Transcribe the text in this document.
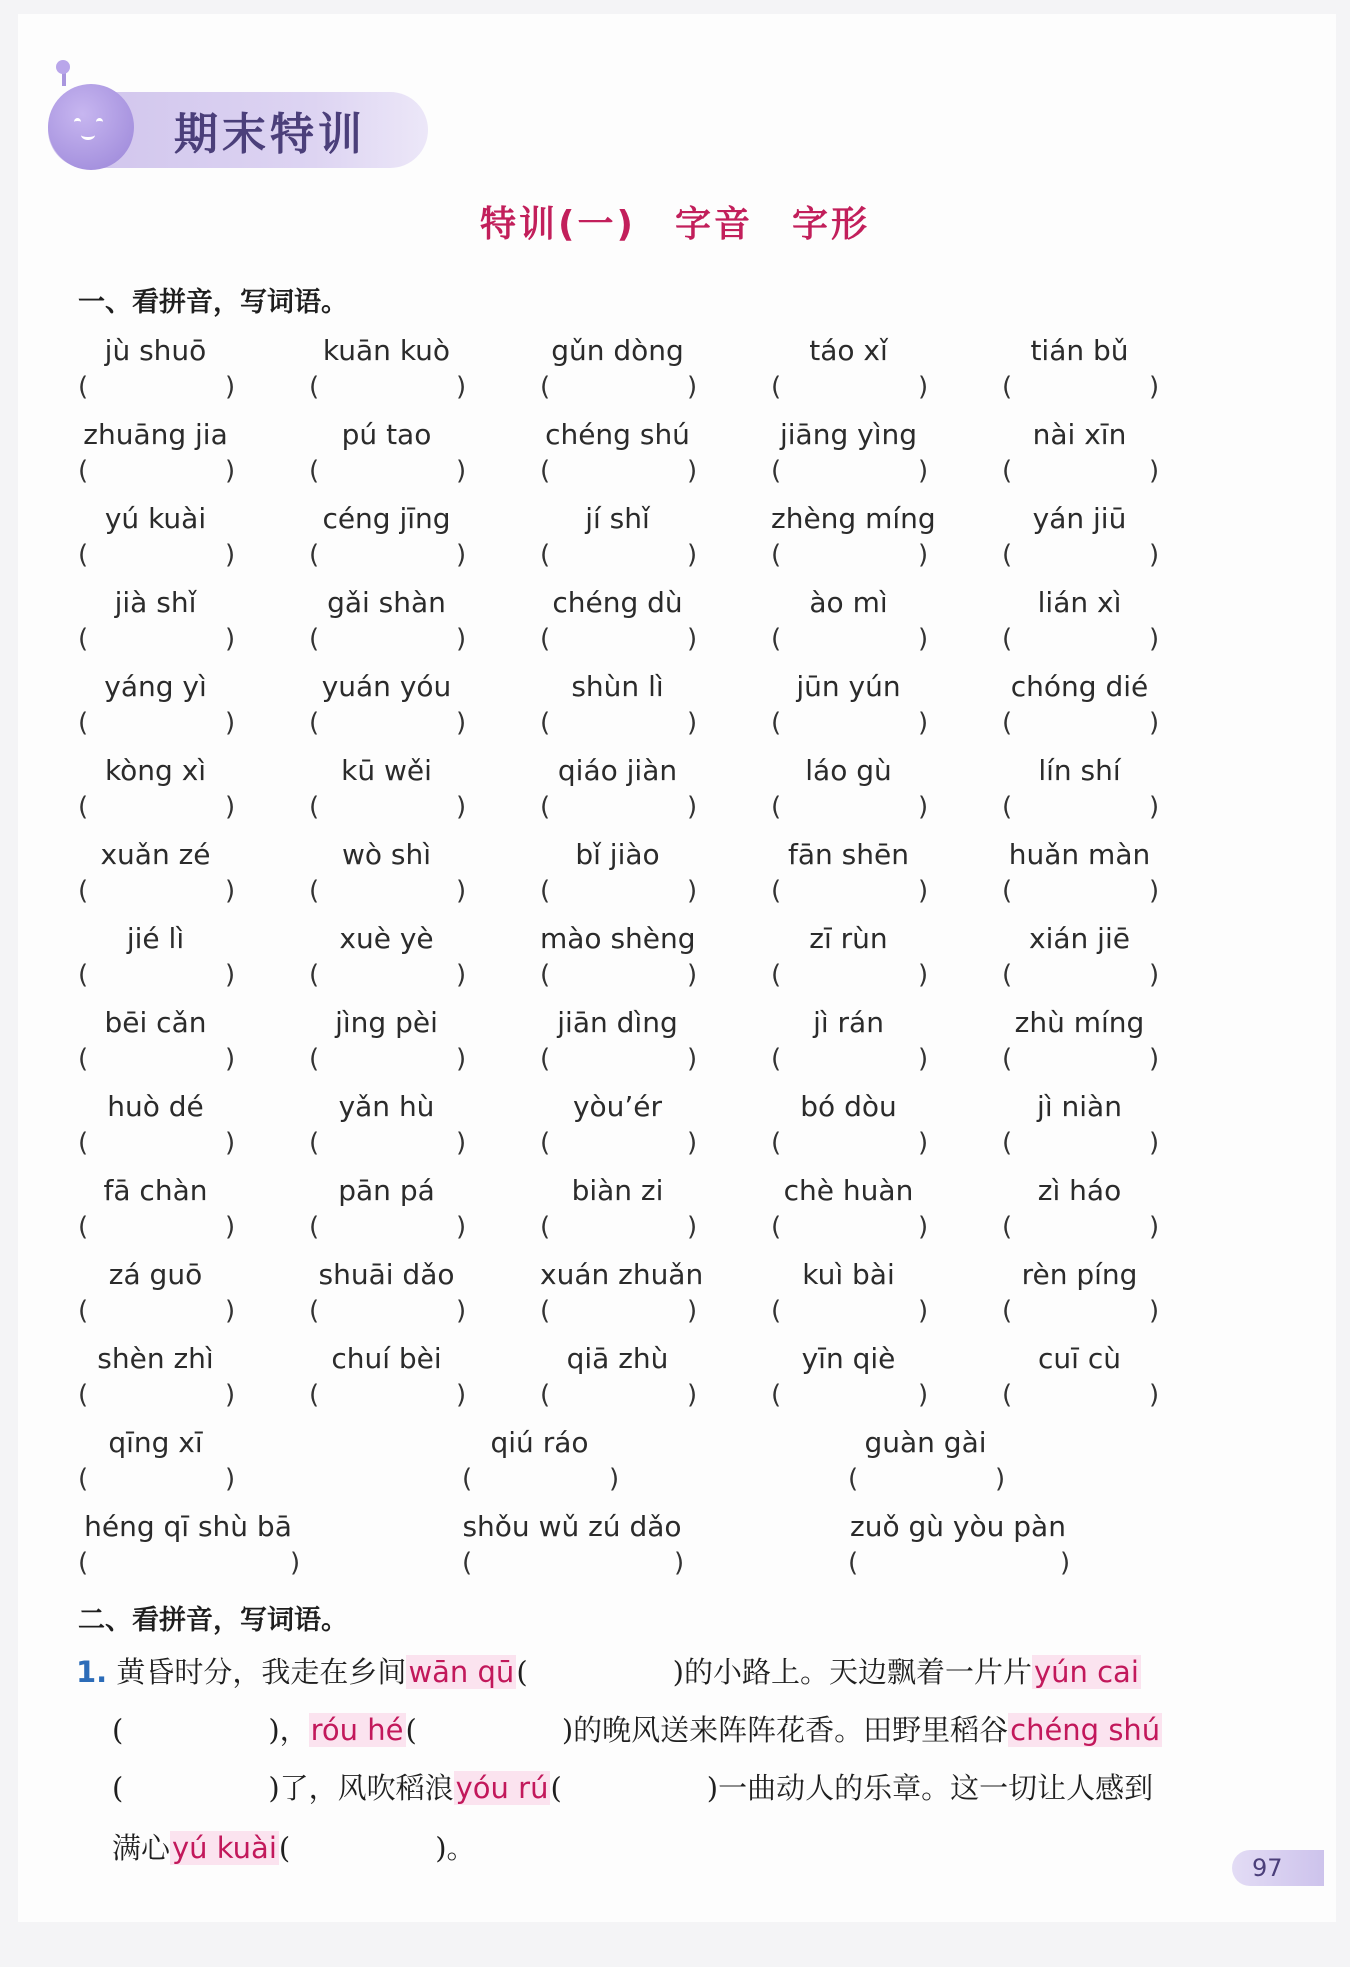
期末特训
特训(一)　字音　字形
一、看拼音，写词语。
jù shuō
(	)
kuān kuò
(	)
gǔn dòng
(	)
táo xǐ
(	)
tián bǔ
(	)
zhuāng jia
(	)
pú tao
(	)
chéng shú
(	)
jiāng yìng
(	)
nài xīn
(	)
yú kuài
(	)
céng jīng
(	)
jí shǐ
(	)
zhèng míng
(	)
yán jiū
(	)
jià shǐ
(	)
gǎi shàn
(	)
chéng dù
(	)
ào mì
(	)
lián xì
(	)
yáng yì
(	)
yuán yóu
(	)
shùn lì
(	)
jūn yún
(	)
chóng dié
(	)
kòng xì
(	)
kū wěi
(	)
qiáo jiàn
(	)
láo gù
(	)
lín shí
(	)
xuǎn zé
(	)
wò shì
(	)
bǐ jiào
(	)
fān shēn
(	)
huǎn màn
(	)
jié lì
(	)
xuè yè
(	)
mào shèng
(	)
zī rùn
(	)
xián jiē
(	)
bēi cǎn
(	)
jìng pèi
(	)
jiān dìng
(	)
jì rán
(	)
zhù míng
(	)
huò dé
(	)
yǎn hù
(	)
yòu’ér
(	)
bó dòu
(	)
jì niàn
(	)
fā chàn
(	)
pān pá
(	)
biàn zi
(	)
chè huàn
(	)
zì háo
(	)
zá guō
(	)
shuāi dǎo
(	)
xuán zhuǎn
(	)
kuì bài
(	)
rèn píng
(	)
shèn zhì
(	)
chuí bèi
(	)
qiā zhù
(	)
yīn qiè
(	)
cuī cù
(	)
qīng xī
(	)
qiú ráo
(	)
guàn gài
(	)
héng qī shù bā
(	)
shǒu wǔ zú dǎo
(	)
zuǒ gù yòu pàn
(	)
二、看拼音，写词语。
1. 黄昏时分，我走在乡间wān qū(　　　　　)的小路上。天边飘着一片片yún cai
(　　　　　)，róu hé(　　　　　)的晚风送来阵阵花香。田野里稻谷chéng shú
(　　　　　)了，风吹稻浪yóu rú(　　　　　)一曲动人的乐章。这一切让人感到
满心yú kuài(　　　　　)。
97
